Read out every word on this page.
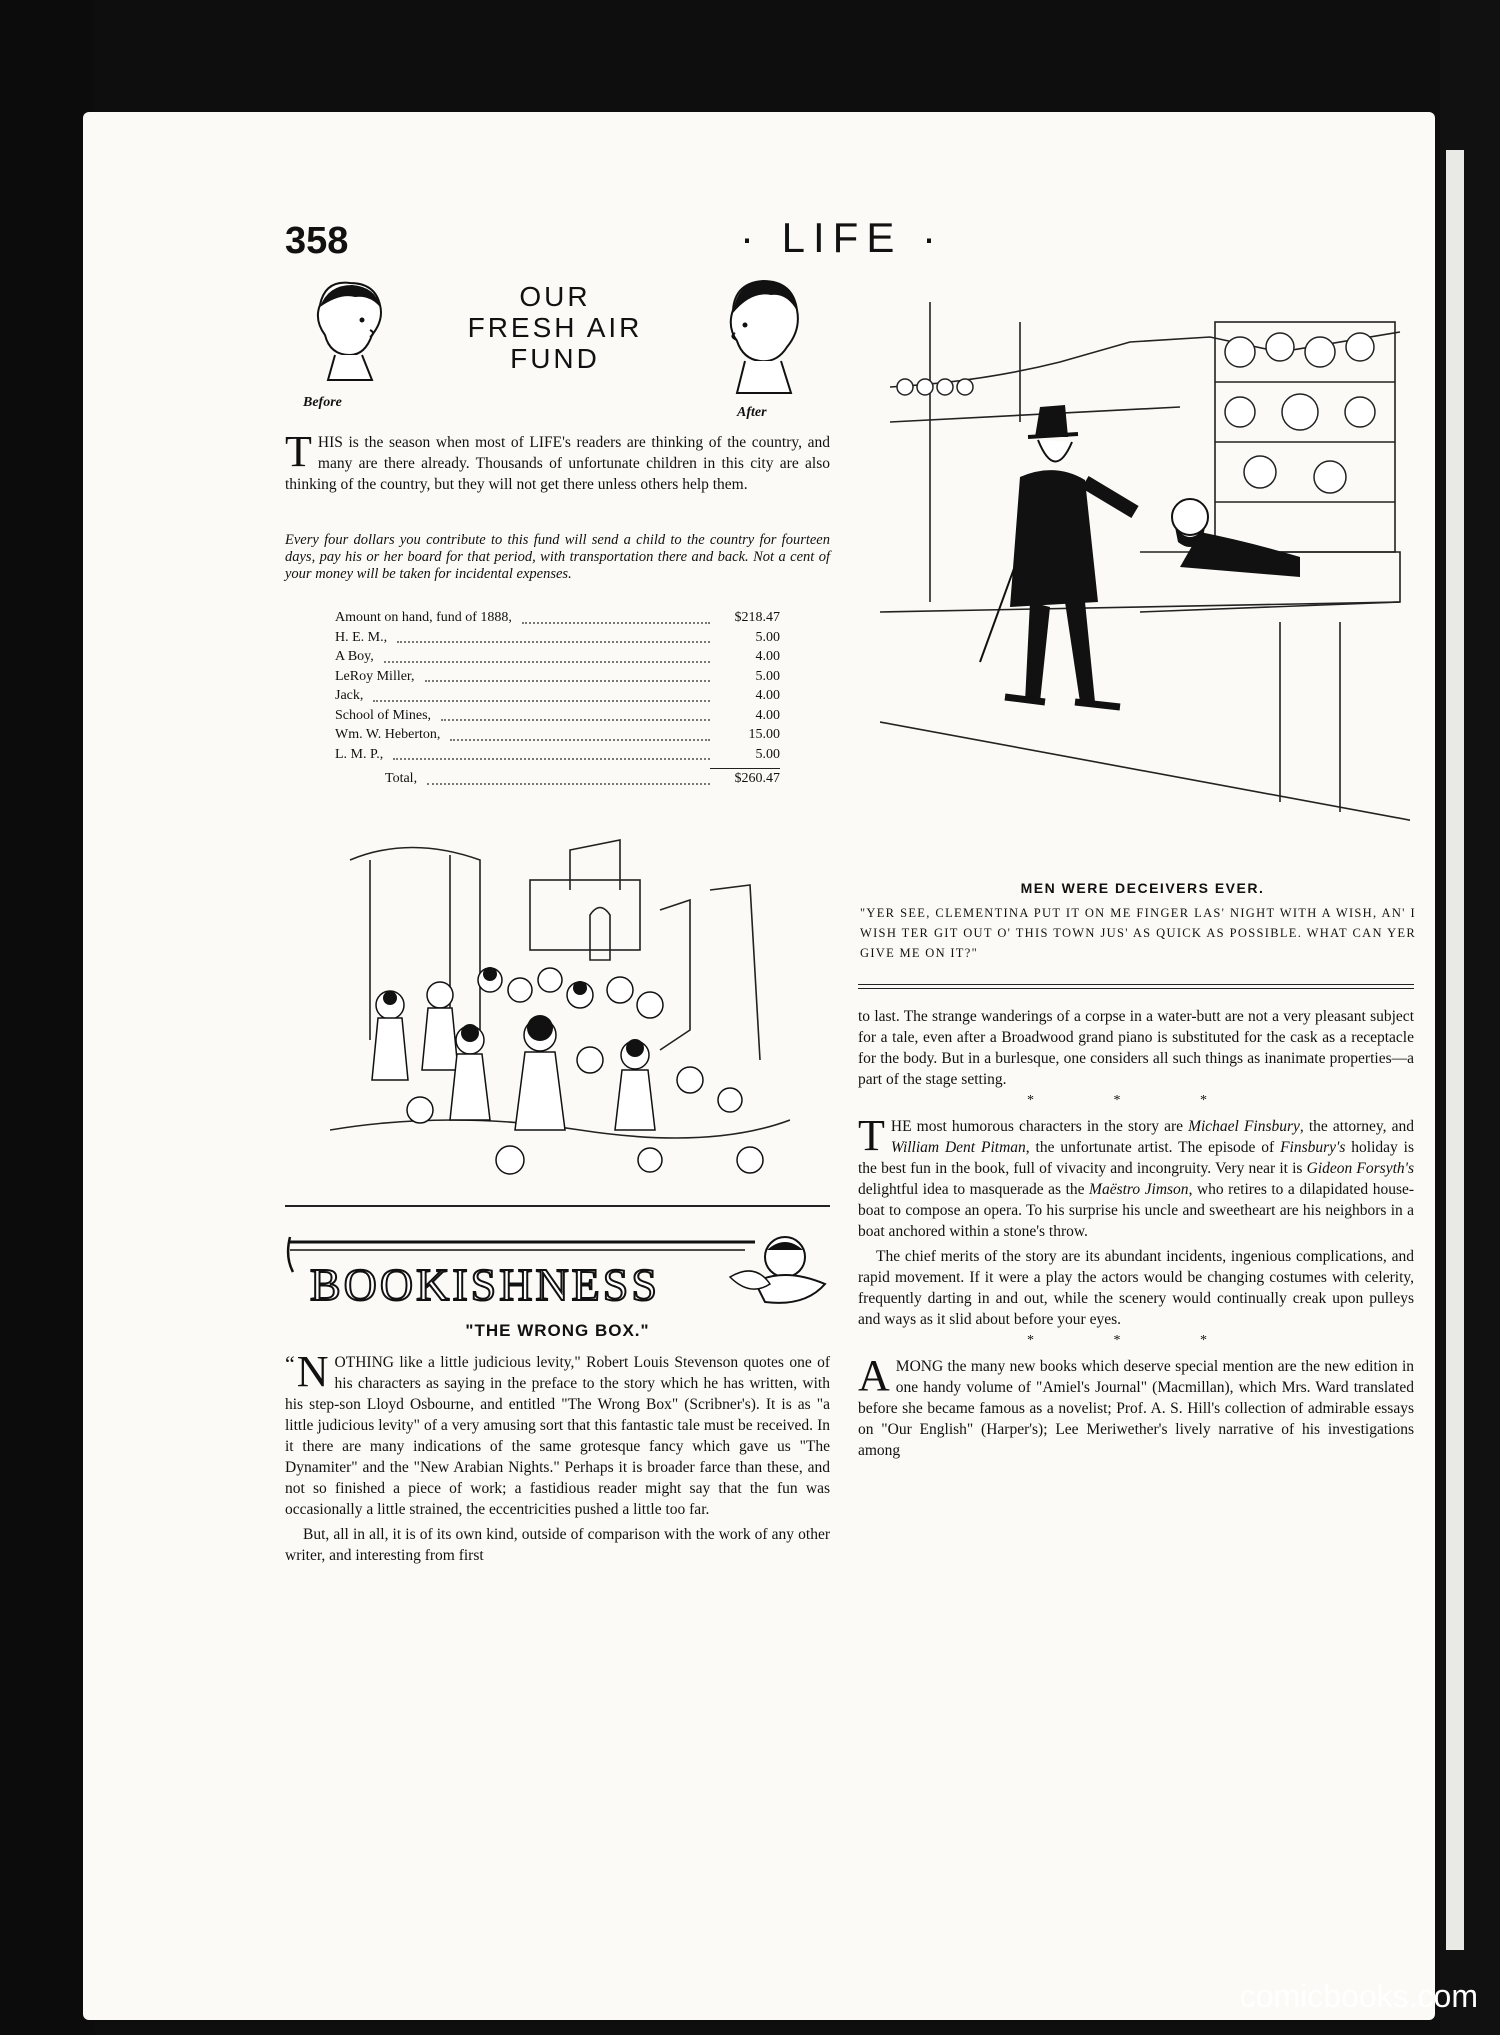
358	· LIFE ·
Before
OUR
FRESH AIR
FUND
After

THIS is the season when most of LIFE's readers are thinking of the country, and many are there already. Thousands of unfortunate children in this city are also thinking of the country, but they will not get there unless others help them.

Every four dollars you contribute to this fund will send a child to the country for fourteen days, pay his or her board for that period, with transportation there and back. Not a cent of your money will be taken for incidental expenses.
Amount on hand, fund of 1888,	$218.47
H. E. M.,	5.00
A Boy,	4.00
LeRoy Miller,	5.00
Jack,	4.00
School of Mines,	4.00
Wm. W. Heberton,	15.00
L. M. P.,	5.00
Total,	$260.47
BOOKISHNESS
"THE WRONG BOX."

“ N OTHING like a little judicious levity," Robert Louis Stevenson quotes one of his characters as saying in the preface to the story which he has written, with his step-son Lloyd Osbourne, and entitled "The Wrong Box" (Scribner's). It is as "a little judicious levity" of a very amusing sort that this fantastic tale must be received. In it there are many indications of the same grotesque fancy which gave us "The Dynamiter" and the "New Arabian Nights." Perhaps it is broader farce than these, and not so finished a piece of work; a fastidious reader might say that the fun was occasionally a little strained, the eccentricities pushed a little too far.

But, all in all, it is of its own kind, outside of comparison with the work of any other writer, and interesting from first

MEN WERE DECEIVERS EVER.
"YER SEE, CLEMENTINA PUT IT ON ME FINGER LAS' NIGHT WITH A WISH, AN' I WISH TER GIT OUT O' THIS TOWN JUS' AS QUICK AS POSSIBLE. WHAT CAN YER GIVE ME ON IT?"

to last. The strange wanderings of a corpse in a water-butt are not a very pleasant subject for a tale, even after a Broadwood grand piano is substituted for the cask as a receptacle for the body. But in a burlesque, one considers all such things as inanimate properties—a part of the stage setting.

* * *

THE most humorous characters in the story are Michael Finsbury, the attorney, and William Dent Pitman, the unfortunate artist. The episode of Finsbury's holiday is the best fun in the book, full of vivacity and incongruity. Very near it is Gideon Forsyth's delightful idea to masquerade as the Maëstro Jimson, who retires to a dilapidated house-boat to compose an opera. To his surprise his uncle and sweetheart are his neighbors in a boat anchored within a stone's throw.

The chief merits of the story are its abundant incidents, ingenious complications, and rapid movement. If it were a play the actors would be changing costumes with celerity, frequently darting in and out, while the scenery would continually creak upon pulleys and ways as it slid about before your eyes.

* * *

AMONG the many new books which deserve special mention are the new edition in one handy volume of "Amiel's Journal" (Macmillan), which Mrs. Ward translated before she became famous as a novelist; Prof. A. S. Hill's collection of admirable essays on "Our English" (Harper's); Lee Meriwether's lively narrative of his investigations among

comicbooks.com
